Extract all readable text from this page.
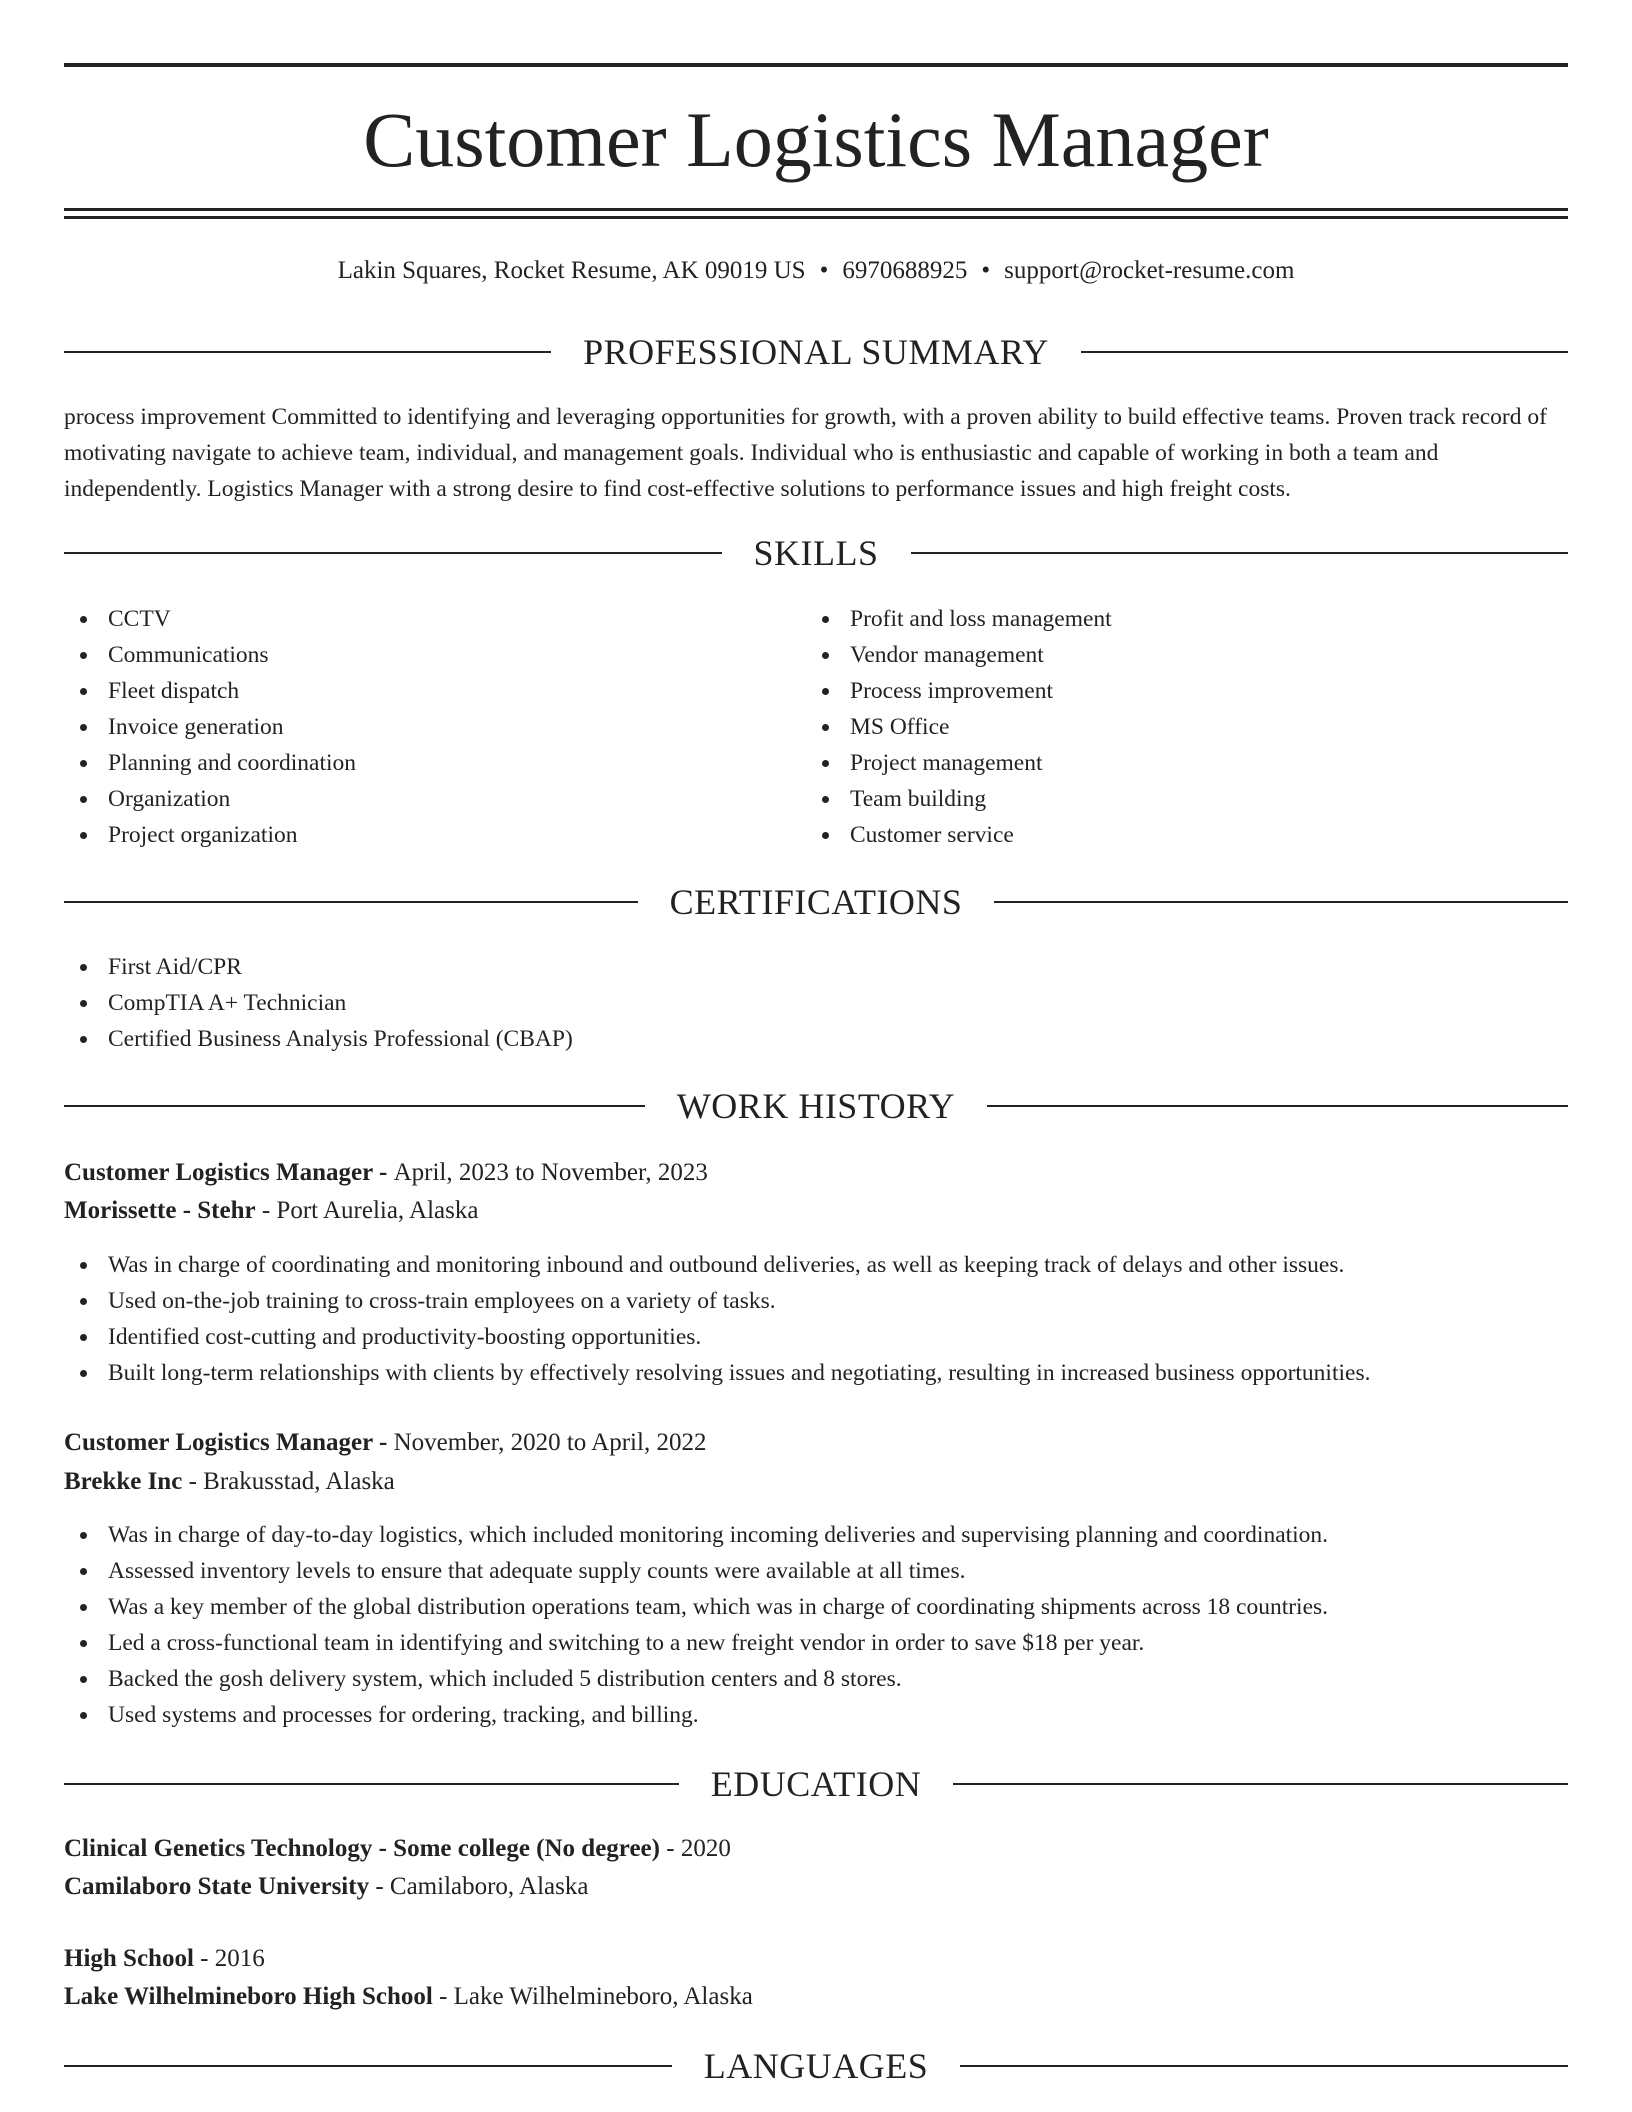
Customer Logistics Manager
Lakin Squares, Rocket Resume, AK 09019 US • 6970688925 • support@rocket-resume.com
PROFESSIONAL SUMMARY

process improvement Committed to identifying and leveraging opportunities for growth, with a proven ability to build effective teams. Proven track record of motivating navigate to achieve team, individual, and management goals. Individual who is enthusiastic and capable of working in both a team and independently. Logistics Manager with a strong desire to find cost-effective solutions to performance issues and high freight costs.

SKILLS
CCTV
Communications
Fleet dispatch
Invoice generation
Planning and coordination
Organization
Project organization
Profit and loss management
Vendor management
Process improvement
MS Office
Project management
Team building
Customer service
CERTIFICATIONS
First Aid/CPR
CompTIA A+ Technician
Certified Business Analysis Professional (CBAP)
WORK HISTORY
Customer Logistics Manager - April, 2023 to November, 2023
Morissette - Stehr - Port Aurelia, Alaska
Was in charge of coordinating and monitoring inbound and outbound deliveries, as well as keeping track of delays and other issues.
Used on-the-job training to cross-train employees on a variety of tasks.
Identified cost-cutting and productivity-boosting opportunities.
Built long-term relationships with clients by effectively resolving issues and negotiating, resulting in increased business opportunities.
Customer Logistics Manager - November, 2020 to April, 2022
Brekke Inc - Brakusstad, Alaska
Was in charge of day-to-day logistics, which included monitoring incoming deliveries and supervising planning and coordination.
Assessed inventory levels to ensure that adequate supply counts were available at all times.
Was a key member of the global distribution operations team, which was in charge of coordinating shipments across 18 countries.
Led a cross-functional team in identifying and switching to a new freight vendor in order to save $18 per year.
Backed the gosh delivery system, which included 5 distribution centers and 8 stores.
Used systems and processes for ordering, tracking, and billing.
EDUCATION
Clinical Genetics Technology - Some college (No degree) - 2020
Camilaboro State University - Camilaboro, Alaska
High School - 2016
Lake Wilhelmineboro High School - Lake Wilhelmineboro, Alaska
LANGUAGES
